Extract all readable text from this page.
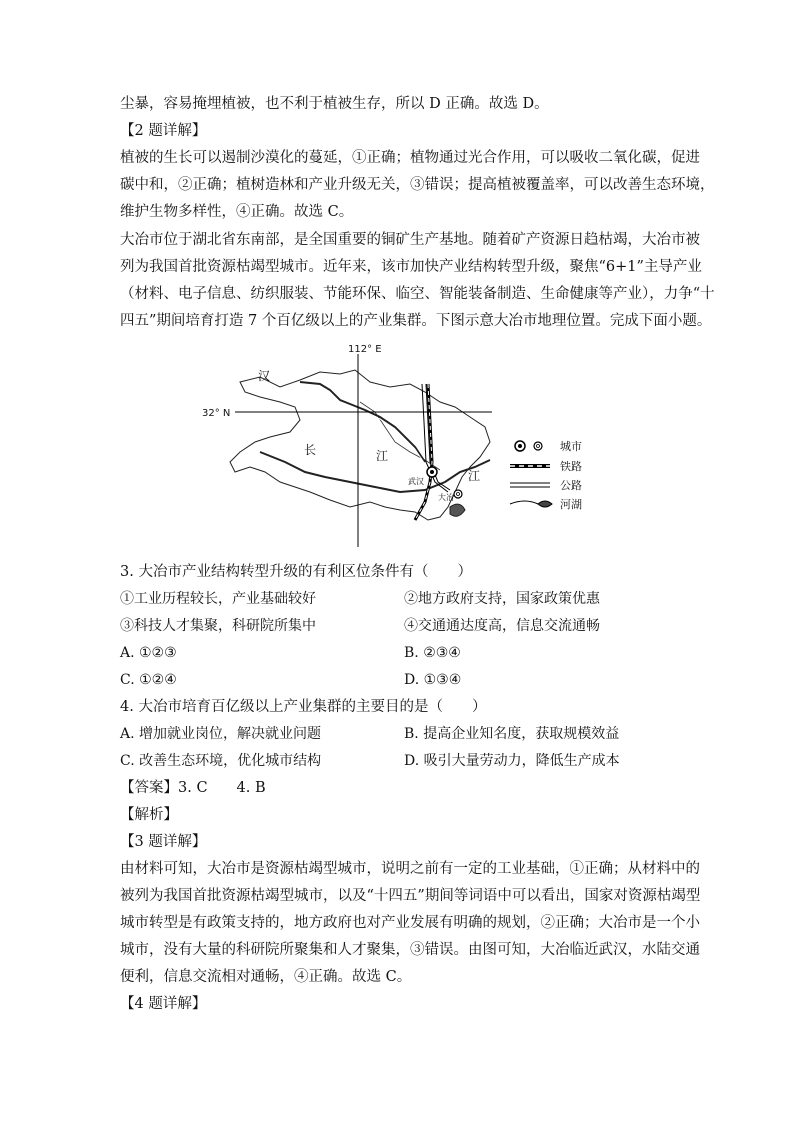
尘暴，容易掩埋植被，也不利于植被生存，所以 D 正确。故选 D。
【2 题详解】
植被的生长可以遏制沙漠化的蔓延，①正确；植物通过光合作用，可以吸收二氧化碳，促进
碳中和，②正确；植树造林和产业升级无关，③错误；提高植被覆盖率，可以改善生态环境，
维护生物多样性，④正确。故选 C。
大冶市位于湖北省东南部，是全国重要的铜矿生产基地。随着矿产资源日趋枯竭，大冶市被
列为我国首批资源枯竭型城市。近年来，该市加快产业结构转型升级，聚焦“6+1”主导产业
（材料、电子信息、纺织服装、节能环保、临空、智能装备制造、生命健康等产业），力争“十
四五”期间培育打造 7 个百亿级以上的产业集群。下图示意大冶市地理位置。完成下面小题。
112° E
32° N
汉
长	江
江
武汉
大冶
城市
铁路
公路
河湖
3. 大冶市产业结构转型升级的有利区位条件有（　　）
①工业历程较长，产业基础较好	②地方政府支持，国家政策优惠
③科技人才集聚，科研院所集中	④交通通达度高，信息交流通畅
A. ①②③	B. ②③④
C. ①②④	D. ①③④
4. 大冶市培育百亿级以上产业集群的主要目的是（　　）
A. 增加就业岗位，解决就业问题	B. 提高企业知名度，获取规模效益
C. 改善生态环境，优化城市结构	D. 吸引大量劳动力，降低生产成本
【答案】3. C　　4. B
【解析】
【3 题详解】
由材料可知，大冶市是资源枯竭型城市，说明之前有一定的工业基础，①正确；从材料中的
被列为我国首批资源枯竭型城市，以及“十四五”期间等词语中可以看出，国家对资源枯竭型
城市转型是有政策支持的，地方政府也对产业发展有明确的规划，②正确；大冶市是一个小
城市，没有大量的科研院所聚集和人才聚集，③错误。由图可知，大冶临近武汉，水陆交通
便利，信息交流相对通畅，④正确。故选 C。
【4 题详解】
